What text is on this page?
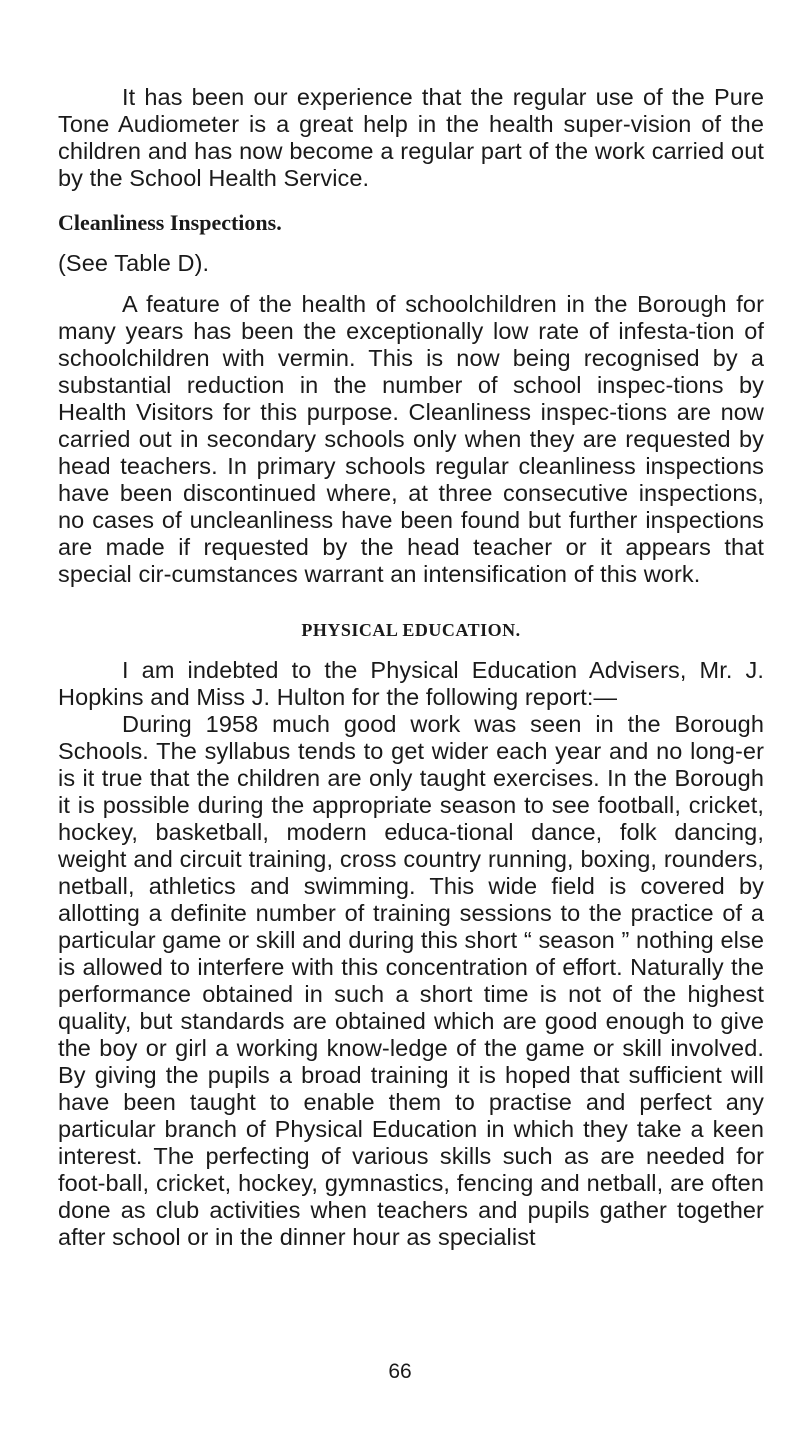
It has been our experience that the regular use of the Pure Tone Audiometer is a great help in the health super-vision of the children and has now become a regular part of the work carried out by the School Health Service.

Cleanliness Inspections.

(See Table D).

A feature of the health of schoolchildren in the Borough for many years has been the exceptionally low rate of infesta-tion of schoolchildren with vermin. This is now being recognised by a substantial reduction in the number of school inspec-tions by Health Visitors for this purpose. Cleanliness inspec-tions are now carried out in secondary schools only when they are requested by head teachers. In primary schools regular cleanliness inspections have been discontinued where, at three consecutive inspections, no cases of uncleanliness have been found but further inspections are made if requested by the head teacher or it appears that special cir-cumstances warrant an intensification of this work.

PHYSICAL EDUCATION.

I am indebted to the Physical Education Advisers, Mr. J. Hopkins and Miss J. Hulton for the following report:—

During 1958 much good work was seen in the Borough Schools. The syllabus tends to get wider each year and no long-er is it true that the children are only taught exercises. In the Borough it is possible during the appropriate season to see football, cricket, hockey, basketball, modern educa-tional dance, folk dancing, weight and circuit training, cross country running, boxing, rounders, netball, athletics and swimming. This wide field is covered by allotting a definite number of training sessions to the practice of a particular game or skill and during this short “ season ” nothing else is allowed to interfere with this concentration of effort. Naturally the performance obtained in such a short time is not of the highest quality, but standards are obtained which are good enough to give the boy or girl a working know-ledge of the game or skill involved. By giving the pupils a broad training it is hoped that sufficient will have been taught to enable them to practise and perfect any particular branch of Physical Education in which they take a keen interest. The perfecting of various skills such as are needed for foot-ball, cricket, hockey, gymnastics, fencing and netball, are often done as club activities when teachers and pupils gather together after school or in the dinner hour as specialist

66
